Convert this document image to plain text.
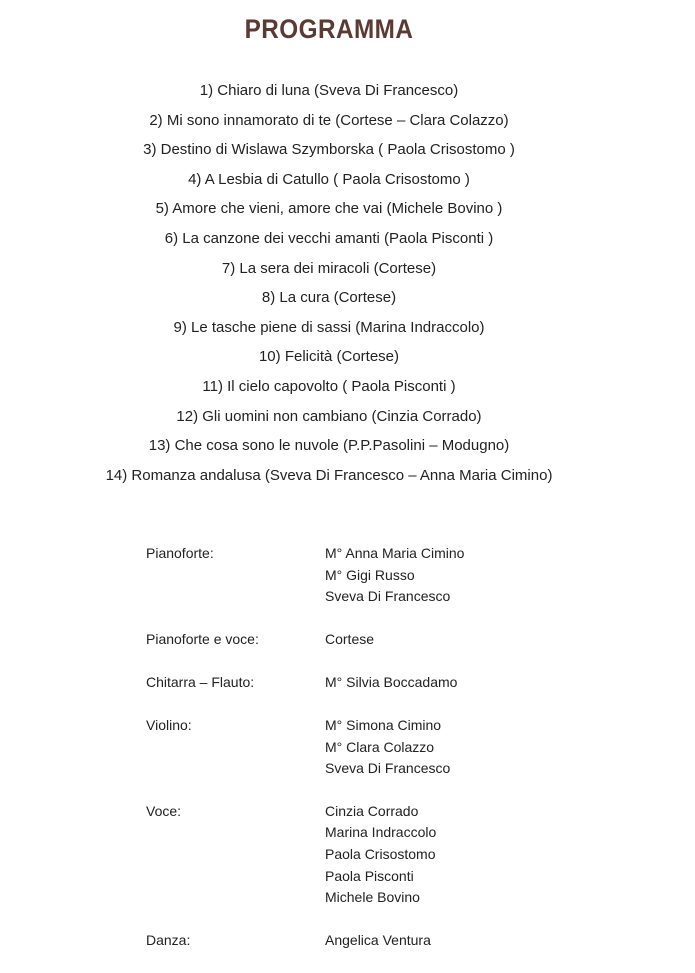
PROGRAMMA
1) Chiaro di luna (Sveva Di Francesco)
2) Mi sono innamorato di te (Cortese – Clara Colazzo)
3) Destino di Wislawa Szymborska ( Paola Crisostomo )
4) A Lesbia di Catullo ( Paola Crisostomo )
5) Amore che vieni, amore che vai (Michele Bovino )
6) La canzone dei vecchi amanti (Paola Pisconti )
7) La sera dei miracoli (Cortese)
8) La cura (Cortese)
9) Le tasche piene di sassi (Marina Indraccolo)
10) Felicità (Cortese)
11) Il cielo capovolto ( Paola Pisconti )
12) Gli uomini non cambiano (Cinzia Corrado)
13) Che cosa sono le nuvole (P.P.Pasolini – Modugno)
14) Romanza andalusa (Sveva Di Francesco – Anna Maria Cimino)
Pianoforte:	M° Anna Maria Cimino
M° Gigi Russo
Sveva Di Francesco
Pianoforte e voce:	Cortese
Chitarra – Flauto:	M° Silvia Boccadamo
Violino:	M° Simona Cimino
M° Clara Colazzo
Sveva Di Francesco
Voce:	Cinzia Corrado
Marina Indraccolo
Paola Crisostomo
Paola Pisconti
Michele Bovino
Danza:	Angelica Ventura
